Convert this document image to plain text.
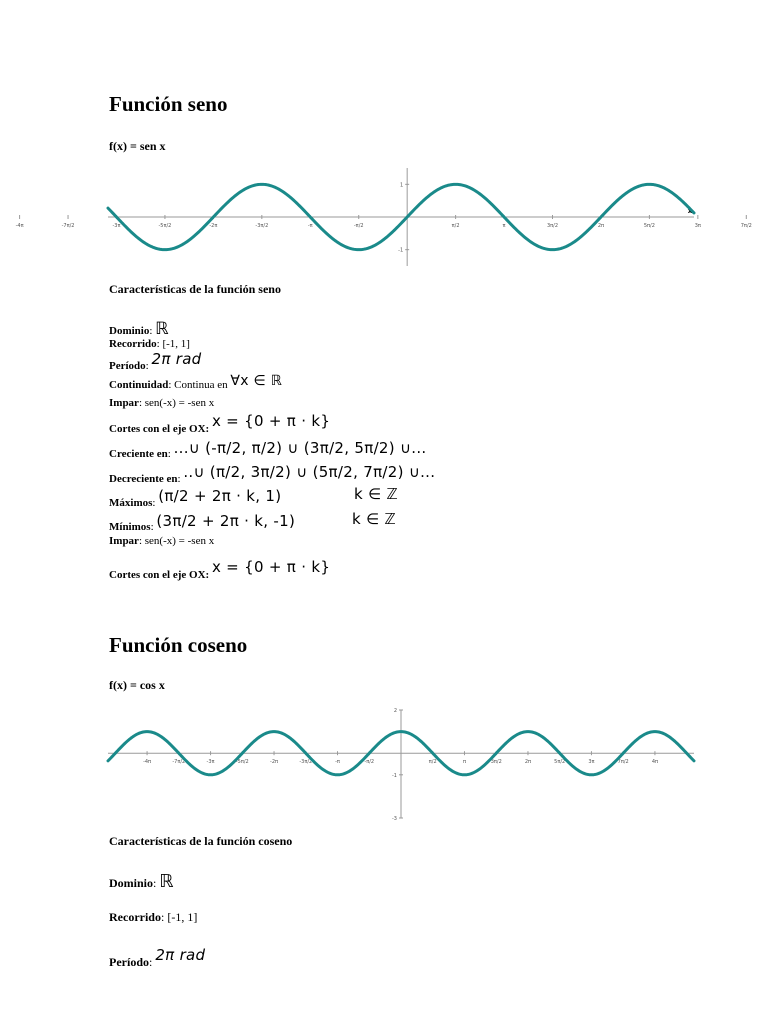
Función seno
f(x) = sen x
-4π	-7π/2	-3π	-5π/2	-2π	-3π/2	-π	-π/2	π/2	π	3π/2	2π	5π/2	3π	7π/2
1
-1
x
Características de la función seno
Dominio: ℝ
Recorrido: [-1, 1]
Período: 2π rad
Continuidad: Continua en ∀x ∈ ℝ
Impar: sen(-x) = -sen x
Cortes con el eje OX: x = {0 + π · k}
Creciente en: ...∪ (-π/2, π/2) ∪ (3π/2, 5π/2) ∪...
Decreciente en: ..∪ (π/2, 3π/2) ∪ (5π/2, 7π/2) ∪...
Máximos: (π/2 + 2π · k, 1)	k ∈ ℤ
Mínimos: (3π/2 + 2π · k, -1)	k ∈ ℤ
Impar: sen(-x) = -sen x
Cortes con el eje OX: x = {0 + π · k}
Función coseno
f(x) = cos x
-4π	-7π/2	-3π	-5π/2	-2π	-3π/2	-π	-π/2	π/2	π	3π/2	2π	5π/2	3π	7π/2	4π
2
-1
-3
Características de la función coseno
Dominio: ℝ
Recorrido: [-1, 1]
Período: 2π rad
